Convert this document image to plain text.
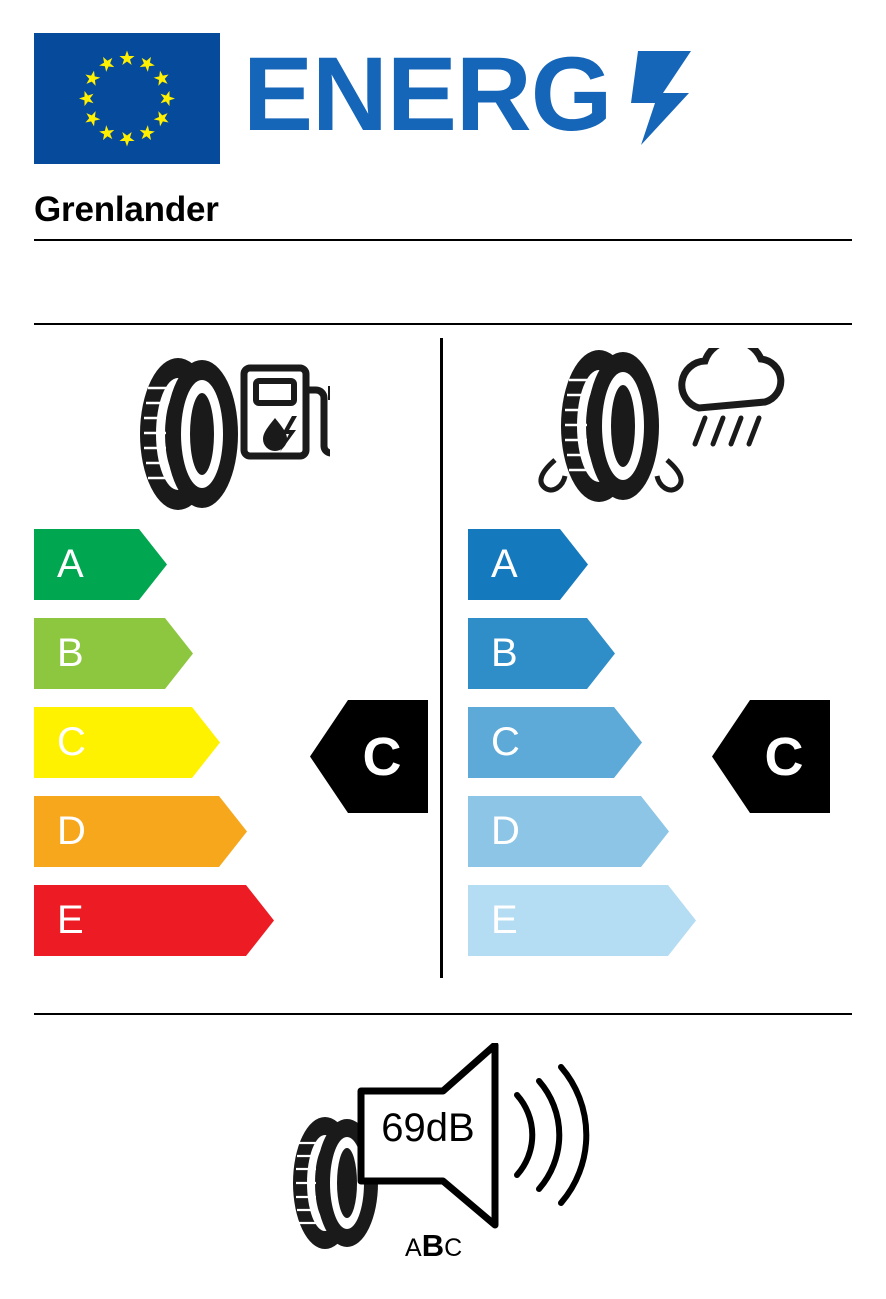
ENERG
Grenlander
A
B
C
D
E
A
B
C
D
E
C	C
69dB
ABC
